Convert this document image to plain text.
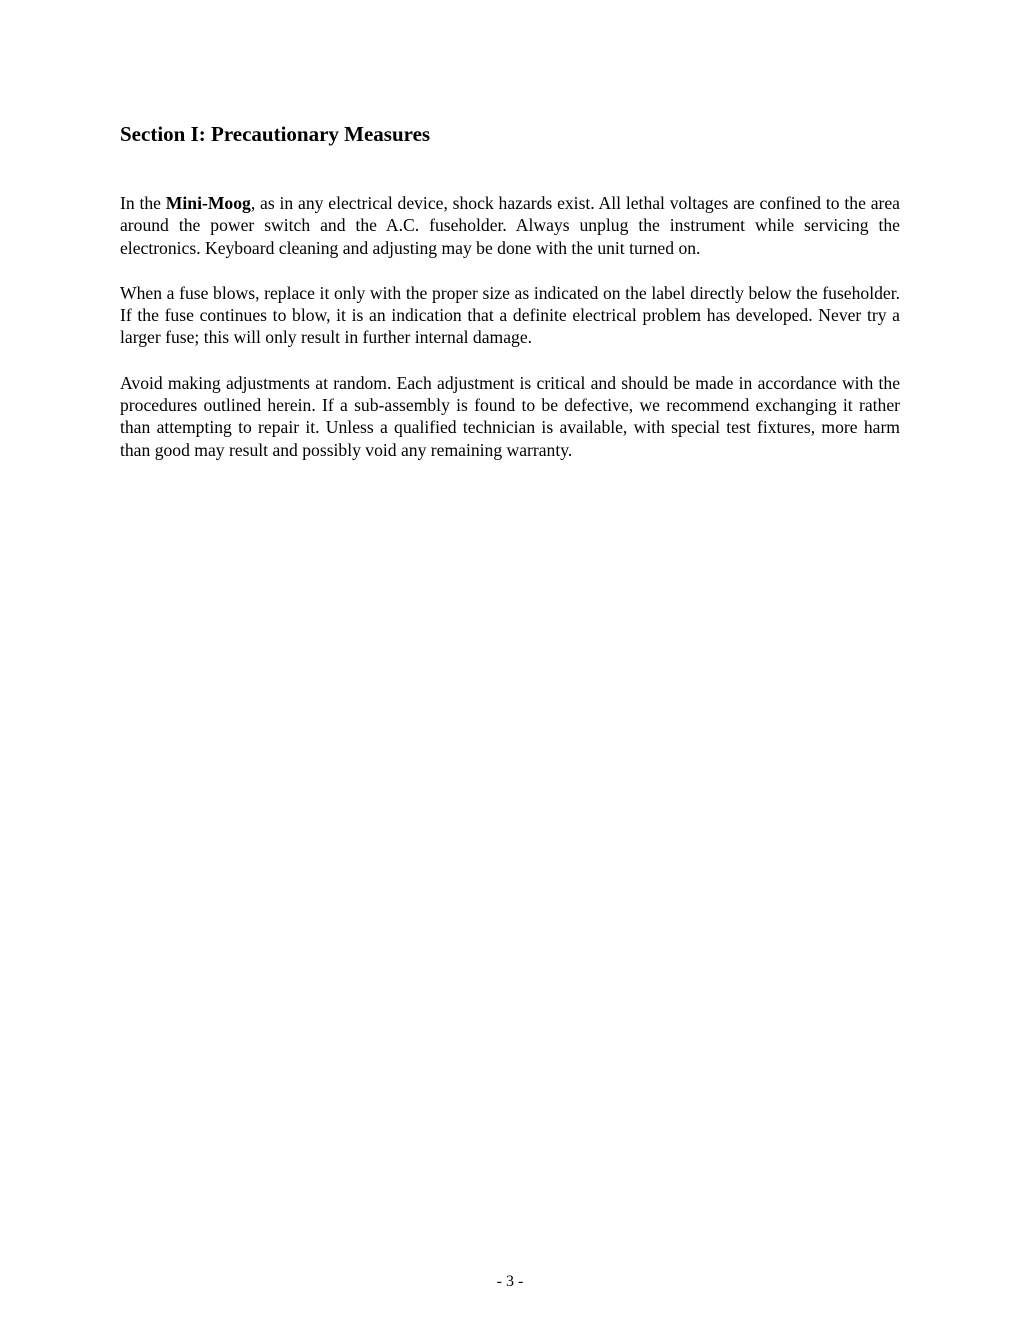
Section I: Precautionary Measures

In the Mini-Moog, as in any electrical device, shock hazards exist. All lethal voltages are confined to the area around the power switch and the A.C. fuseholder. Always unplug the instrument while servicing the electronics. Keyboard cleaning and adjusting may be done with the unit turned on.

When a fuse blows, replace it only with the proper size as indicated on the label directly below the fuseholder. If the fuse continues to blow, it is an indication that a definite electrical problem has developed. Never try a larger fuse; this will only result in further internal damage.

Avoid making adjustments at random. Each adjustment is critical and should be made in accordance with the procedures outlined herein. If a sub-assembly is found to be defective, we recommend exchanging it rather than attempting to repair it. Unless a qualified technician is available, with special test fixtures, more harm than good may result and possibly void any remaining warranty.

- 3 -
